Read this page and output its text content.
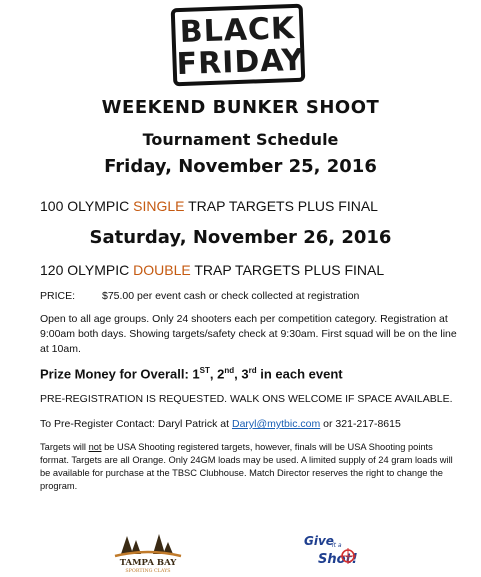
BLACK
FRIDAY
WEEKEND BUNKER SHOOT
Tournament Schedule
Friday, November 25, 2016
100 OLYMPIC SINGLE TRAP TARGETS PLUS FINAL
Saturday, November 26, 2016
120 OLYMPIC DOUBLE TRAP TARGETS PLUS FINAL
PRICE:	$75.00 per event cash or check collected at registration
Open to all age groups. Only 24 shooters each per competition category. Registration at 9:00am both days. Showing targets/safety check at 9:30am. First squad will be on the line at 10am.
Prize Money for Overall: 1ST, 2nd, 3rd in each event
PRE-REGISTRATION IS REQUESTED. WALK ONS WELCOME IF SPACE AVAILABLE.
To Pre-Register Contact: Daryl Patrick at Daryl@mytbic.com or 321-217-8615
Targets will not be USA Shooting registered targets, however, finals will be USA Shooting points format. Targets are all Orange. Only 24GM loads may be used. A limited supply of 24 gram loads will be available for purchase at the TBSC Clubhouse. Match Director reserves the right to change the program.
TAMPA BAY
SPORTING CLAYS
Give
it a
Shot!
